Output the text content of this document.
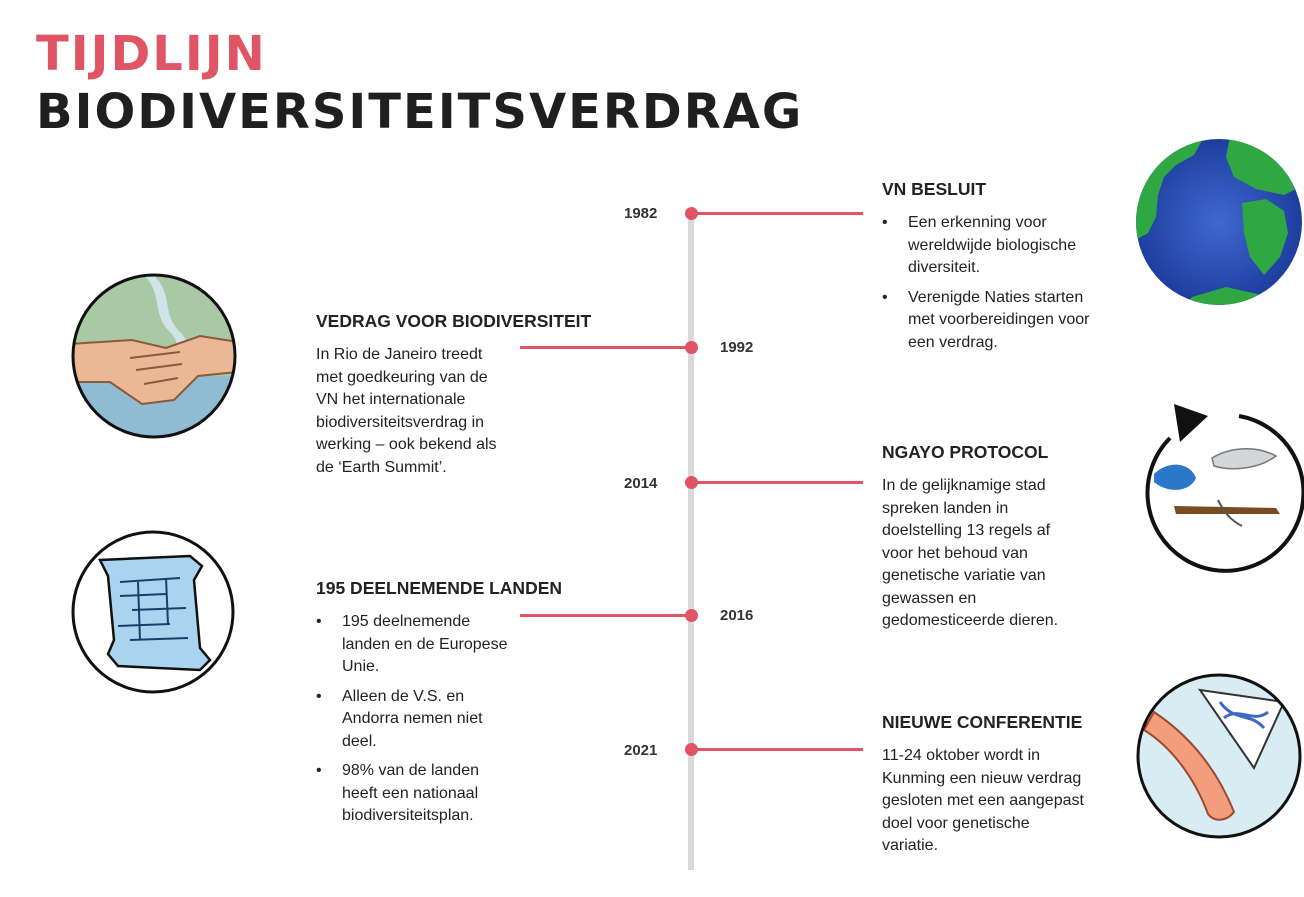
TIJDLIJN
BIODIVERSITEITSVERDRAG
1982
1992
2014
2016
2021
VN BESLUIT
• Een erkenning voor wereldwijde biologische diversiteit.
• Verenigde Naties starten met voorbereidingen voor een verdrag.
VEDRAG VOOR BIODIVERSITEIT

In Rio de Janeiro treedt met goedkeuring van de VN het internationale biodiversiteitsverdrag in werking – ook bekend als de ‘Earth Summit’.

NGAYO PROTOCOL

In de gelijknamige stad spreken landen in doelstelling 13 regels af voor het behoud van genetische variatie van gewassen en gedomesticeerde dieren.

195 DEELNEMENDE LANDEN
• 195 deelnemende landen en de Europese Unie.
• Alleen de V.S. en Andorra nemen niet deel.
• 98% van de landen heeft een nationaal biodiversiteitsplan.
NIEUWE CONFERENTIE

11-24 oktober wordt in Kunming een nieuw verdrag gesloten met een aangepast doel voor genetische variatie.
